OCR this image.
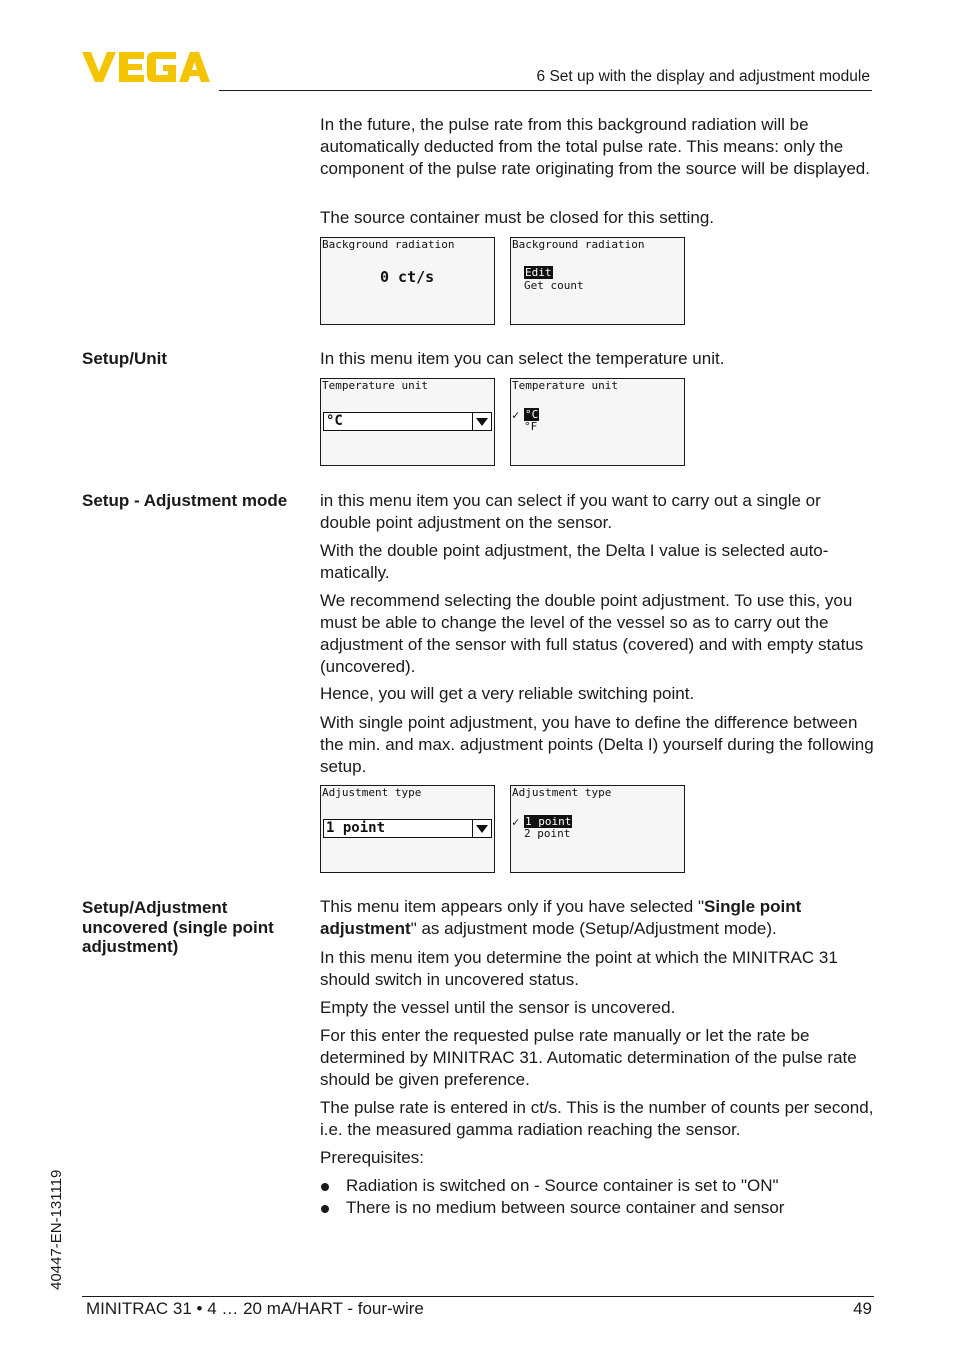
6 Set up with the display and adjustment module

In the future, the pulse rate from this background radiation will be automatically deducted from the total pulse rate. This means: only the component of the pulse rate originating from the source will be displayed.

The source container must be closed for this setting.

Background radiation
0 ct/s
Background radiation
Edit
Get count
Setup/Unit	In this menu item you can select the temperature unit.

Temperature unit
°C
Temperature unit
✓ °C
°F
Setup - Adjustment mode	in this menu item you can select if you want to carry out a single or double point adjustment on the sensor.

With the double point adjustment, the Delta I value is selected auto-matically.

We recommend selecting the double point adjustment. To use this, you must be able to change the level of the vessel so as to carry out the adjustment of the sensor with full status (covered) and with empty status (uncovered).

Hence, you will get a very reliable switching point.

With single point adjustment, you have to define the difference between the min. and max. adjustment points (Delta I) yourself during the following setup.

Adjustment type
1 point
Adjustment type
✓ 1 point
2 point
Setup/Adjustment uncovered (single point adjustment)

This menu item appears only if you have selected "Single point adjustment" as adjustment mode (Setup/Adjustment mode).

In this menu item you determine the point at which the MINITRAC 31 should switch in uncovered status.

Empty the vessel until the sensor is uncovered.

For this enter the requested pulse rate manually or let the rate be determined by MINITRAC 31. Automatic determination of the pulse rate should be given preference.

The pulse rate is entered in ct/s. This is the number of counts per second, i.e. the measured gamma radiation reaching the sensor.

Prerequisites:

Radiation is switched on - Source container is set to "ON"
There is no medium between source container and sensor
40447-EN-131119
MINITRAC 31 • 4 … 20 mA/HART - four-wire	49
